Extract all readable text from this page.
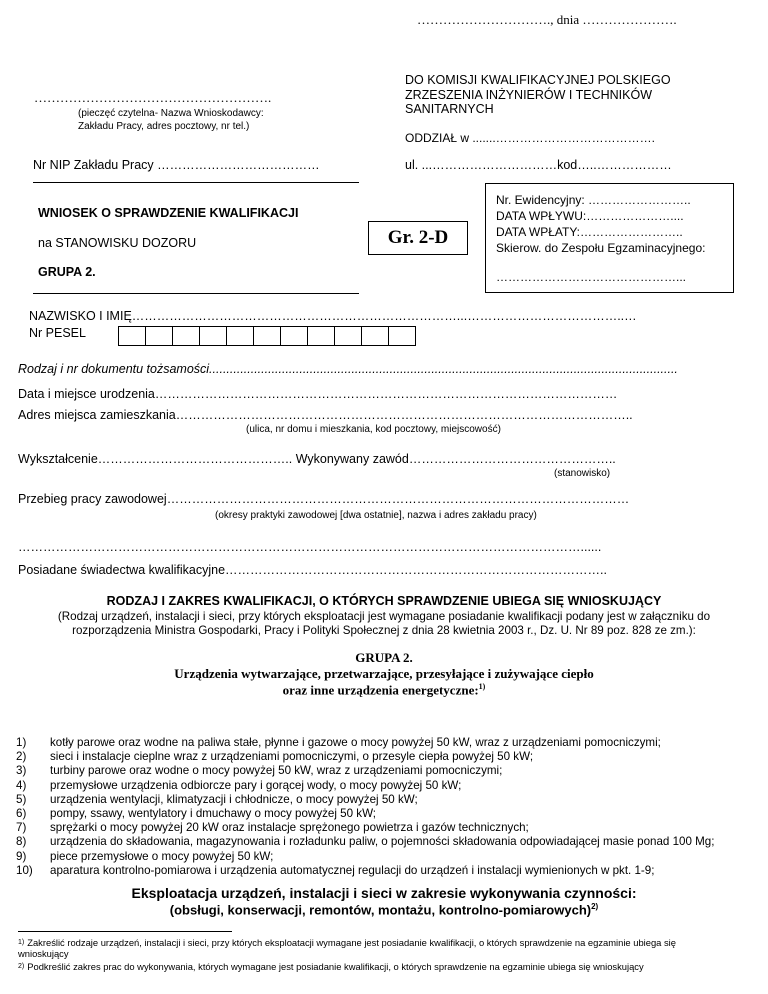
…………………………., dnia ………………….
……………………………………………….
(pieczęć czytelna- Nazwa Wnioskodawcy:
Zakładu Pracy, adres pocztowy, nr tel.)
DO KOMISJI KWALIFIKACYJNEJ POLSKIEGO
ZRZESZENIA INŻYNIERÓW I TECHNIKÓW
SANITARNYCH
ODDZIAŁ w .......………………………………….
Nr NIP Zakładu Pracy …………………………………	ul. ...…………………………kod…..………………
WNIOSEK O SPRAWDZENIE KWALIFIKACJI
na STANOWISKU DOZORU
GRUPA 2.
Gr. 2-D
Nr. Ewidencyjny: ……………………..
DATA WPŁYWU:…………………....
DATA WPŁATY:……………………..
Skierow. do Zespołu Egzaminacyjnego:
………………………………………...
NAZWISKO I IMIĘ……………………………………………………………………...………………………………..…
Nr PESEL
Rodzaj i nr dokumentu tożsamości.......................................................................................................................................
Data i miejsce urodzenia…………………………………………………………………………………………………
Adres miejsca zamieszkania………………………………………………………………………………………………..
(ulica, nr domu i mieszkania, kod pocztowy, miejscowość)
Wykształcenie……………………………………….. Wykonywany zawód…………………………………………..
(stanowisko)
Przebieg pracy zawodowej…………………………………………………………………………………………………
(okresy praktyki zawodowej [dwa ostatnie], nazwa i adres zakładu pracy)
………………………………………………………………………………………………………………………......
Posiadane świadectwa kwalifikacyjne………………………………………………………………………………..
RODZAJ I ZAKRES KWALIFIKACJI, O KTÓRYCH SPRAWDZENIE UBIEGA SIĘ WNIOSKUJĄCY
(Rodzaj urządzeń, instalacji i sieci, przy których eksploatacji jest wymagane posiadanie kwalifikacji podany jest w załączniku do
rozporządzenia Ministra Gospodarki, Pracy i Polityki Społecznej z dnia 28 kwietnia 2003 r., Dz. U. Nr 89 poz. 828 ze zm.):
GRUPA 2.
Urządzenia wytwarzające, przetwarzające, przesyłające i zużywające ciepło
oraz inne urządzenia energetyczne:$^{1)}$
1)	kotły parowe oraz wodne na paliwa stałe, płynne i gazowe o mocy powyżej 50 kW, wraz z urządzeniami pomocniczymi;
2)	sieci i instalacje cieplne wraz z urządzeniami pomocniczymi, o przesyle ciepła powyżej 50 kW;
3)	turbiny parowe oraz wodne o mocy powyżej 50 kW, wraz z urządzeniami pomocniczymi;
4)	przemysłowe urządzenia odbiorcze pary i gorącej wody, o mocy powyżej 50 kW;
5)	urządzenia wentylacji, klimatyzacji i chłodnicze, o mocy powyżej 50 kW;
6)	pompy, ssawy, wentylatory i dmuchawy o mocy powyżej 50 kW;
7)	sprężarki o mocy powyżej 20 kW oraz instalacje sprężonego powietrza i gazów technicznych;
8)	urządzenia do składowania, magazynowania i rozładunku paliw, o pojemności składowania odpowiadającej masie ponad 100 Mg;
9)	piece przemysłowe o mocy powyżej 50 kW;
10)	aparatura kontrolno-pomiarowa i urządzenia automatycznej regulacji do urządzeń i instalacji wymienionych w pkt. 1-9;
Eksploatacja urządzeń, instalacji i sieci w zakresie wykonywania czynności:
(obsługi, konserwacji, remontów, montażu, kontrolno-pomiarowych)$^{2)}$
$^{1)}$ Zakreślić rodzaje urządzeń, instalacji i sieci, przy których eksploatacji wymagane jest posiadanie kwalifikacji, o których sprawdzenie na egzaminie ubiega się wnioskujący
$^{2)}$ Podkreślić zakres prac do wykonywania, których wymagane jest posiadanie kwalifikacji, o których sprawdzenie na egzaminie ubiega się wnioskujący
